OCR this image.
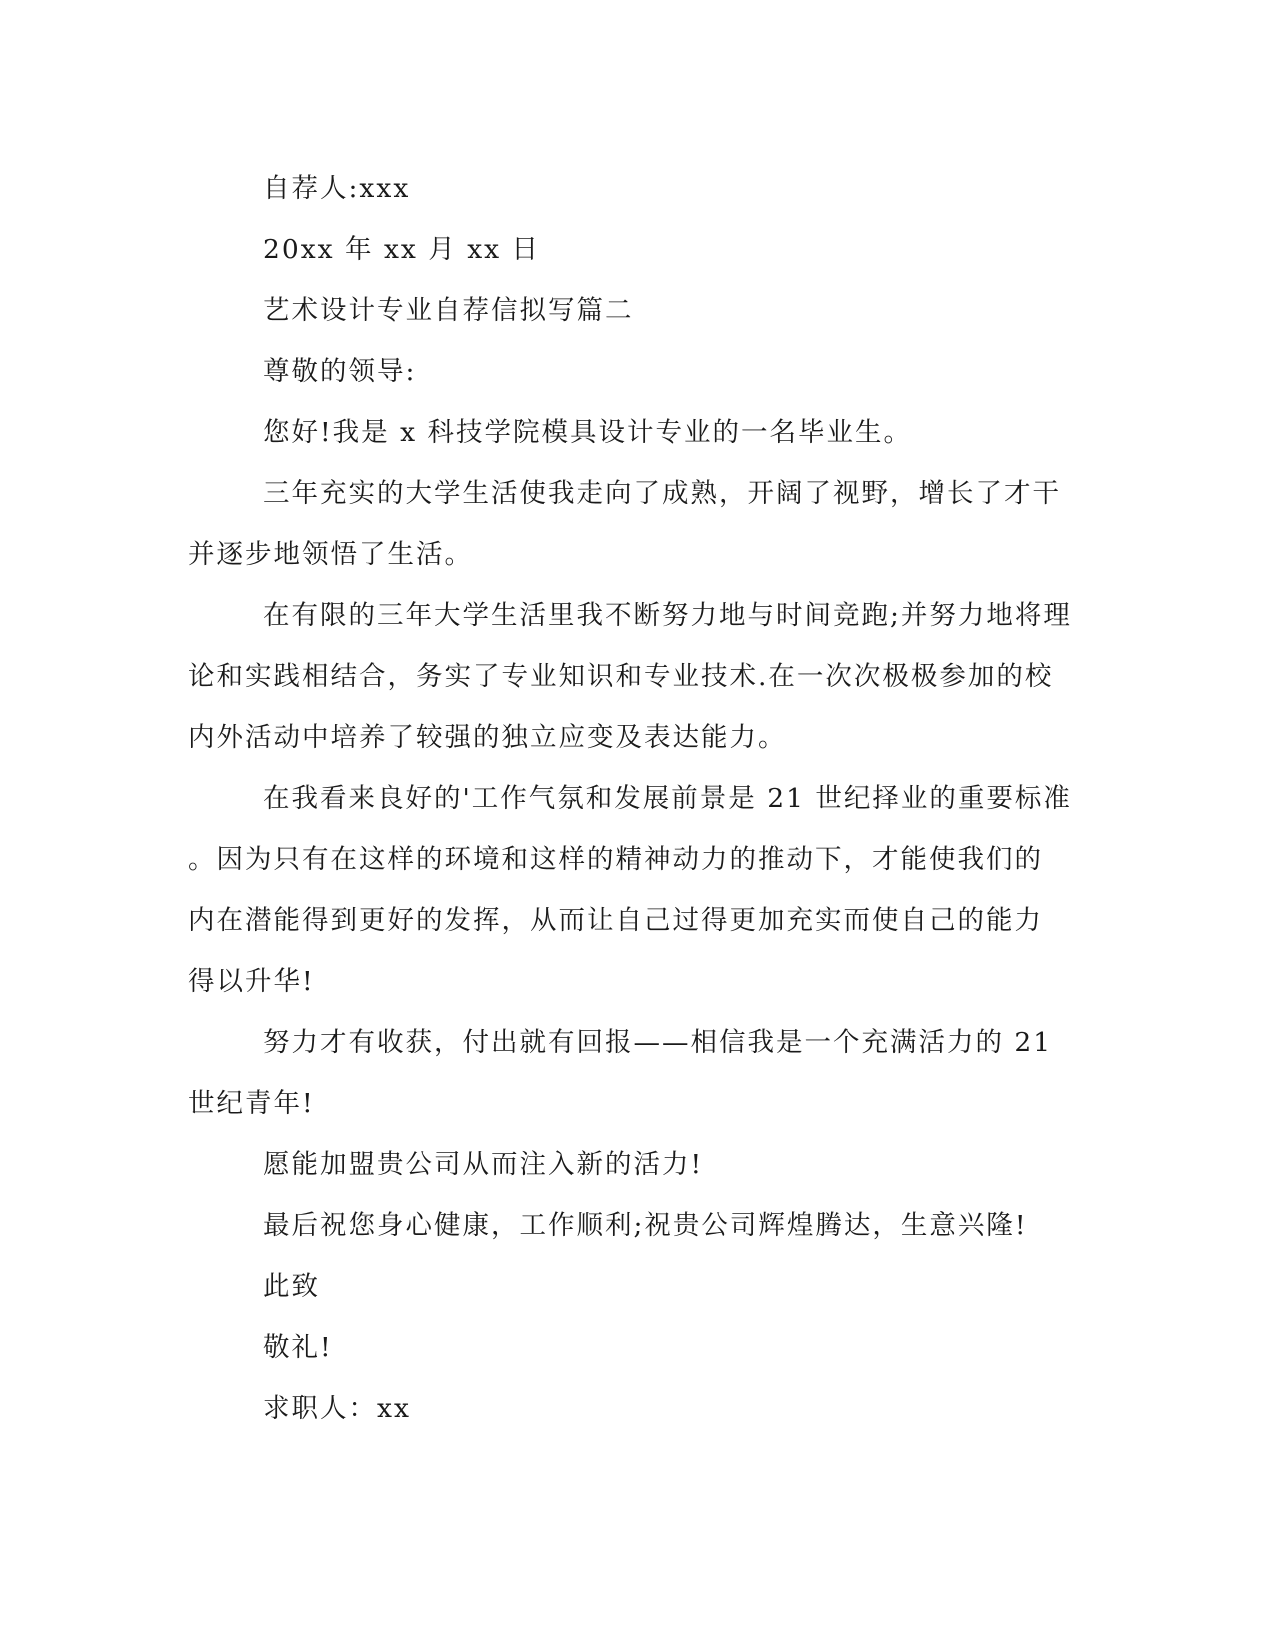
自荐人:xxx

20xx 年 xx 月 xx 日

艺术设计专业自荐信拟写篇二

尊敬的领导:

您好!我是 x 科技学院模具设计专业的一名毕业生。

三年充实的大学生活使我走向了成熟，开阔了视野，增长了才干

并逐步地领悟了生活。

在有限的三年大学生活里我不断努力地与时间竞跑;并努力地将理

论和实践相结合，务实了专业知识和专业技术.在一次次极极参加的校

内外活动中培养了较强的独立应变及表达能力。

在我看来良好的'工作气氛和发展前景是 21 世纪择业的重要标准

。因为只有在这样的环境和这样的精神动力的推动下，才能使我们的

内在潜能得到更好的发挥，从而让自己过得更加充实而使自己的能力

得以升华!

努力才有收获，付出就有回报——相信我是一个充满活力的 21

世纪青年!

愿能加盟贵公司从而注入新的活力!

最后祝您身心健康，工作顺利;祝贵公司辉煌腾达，生意兴隆!

此致

敬礼!

求职人：xx
